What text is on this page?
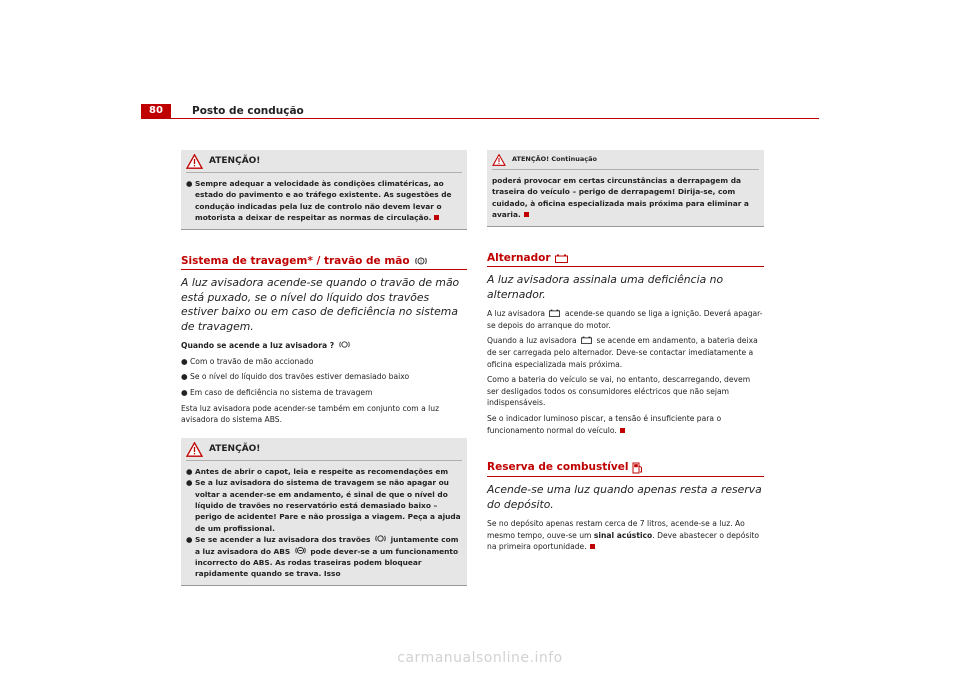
80	Posto de condução
ATENÇÃO!
● Sempre adequar a velocidade às condições climatéricas, ao estado do pavimento e ao tráfego existente. As sugestões de condução indicadas pela luz de controlo não devem levar o motorista a deixar de respeitar as normas de circulação.
Sistema de travagem* / travão de mão !
A luz avisadora acende-se quando o travão de mão está puxado, se o nível do líquido dos travões estiver baixo ou em caso de deficiência no sistema de travagem.

Quando se acende a luz avisadora ?

● Com o travão de mão accionado
● Se o nível do líquido dos travões estiver demasiado baixo
● Em caso de deficiência no sistema de travagem

Esta luz avisadora pode acender-se também em conjunto com a luz avisadora do sistema ABS.

ATENÇÃO!
● Antes de abrir o capot, leia e respeite as recomendações em
● Se a luz avisadora do sistema de travagem se não apagar ou voltar a acender-se em andamento, é sinal de que o nível do líquido de travões no reservatório está demasiado baixo – perigo de acidente! Pare e não prossiga a viagem. Peça a ajuda de um profissional.
● Se se acender a luz avisadora dos travões	juntamente com a luz avisadora do ABS	pode dever-se a um funcionamento incorrecto do ABS. As rodas traseiras podem bloquear rapidamente quando se trava. Isso
ATENÇÃO! Continuação
poderá provocar em certas circunstâncias a derrapagem da traseira do veículo – perigo de derrapagem! Dirija-se, com cuidado, à oficina especializada mais próxima para eliminar a avaria.
Alternador
A luz avisadora assinala uma deficiência no alternador.

A luz avisadora	acende-se quando se liga a ignição. Deverá apagar-se depois do arranque do motor.

Quando a luz avisadora	se acende em andamento, a bateria deixa de ser carregada pelo alternador. Deve-se contactar imediatamente a oficina especializada mais próxima.

Como a bateria do veículo se vai, no entanto, descarregando, devem ser desligados todos os consumidores eléctricos que não sejam indispensáveis.

Se o indicador luminoso piscar, a tensão é insuficiente para o funcionamento normal do veículo.

Reserva de combustível
Acende-se uma luz quando apenas resta a reserva do depósito.

Se no depósito apenas restam cerca de 7 litros, acende-se a luz. Ao mesmo tempo, ouve-se um sinal acústico. Deve abastecer o depósito na primeira oportunidade.

carmanualsonline.info
